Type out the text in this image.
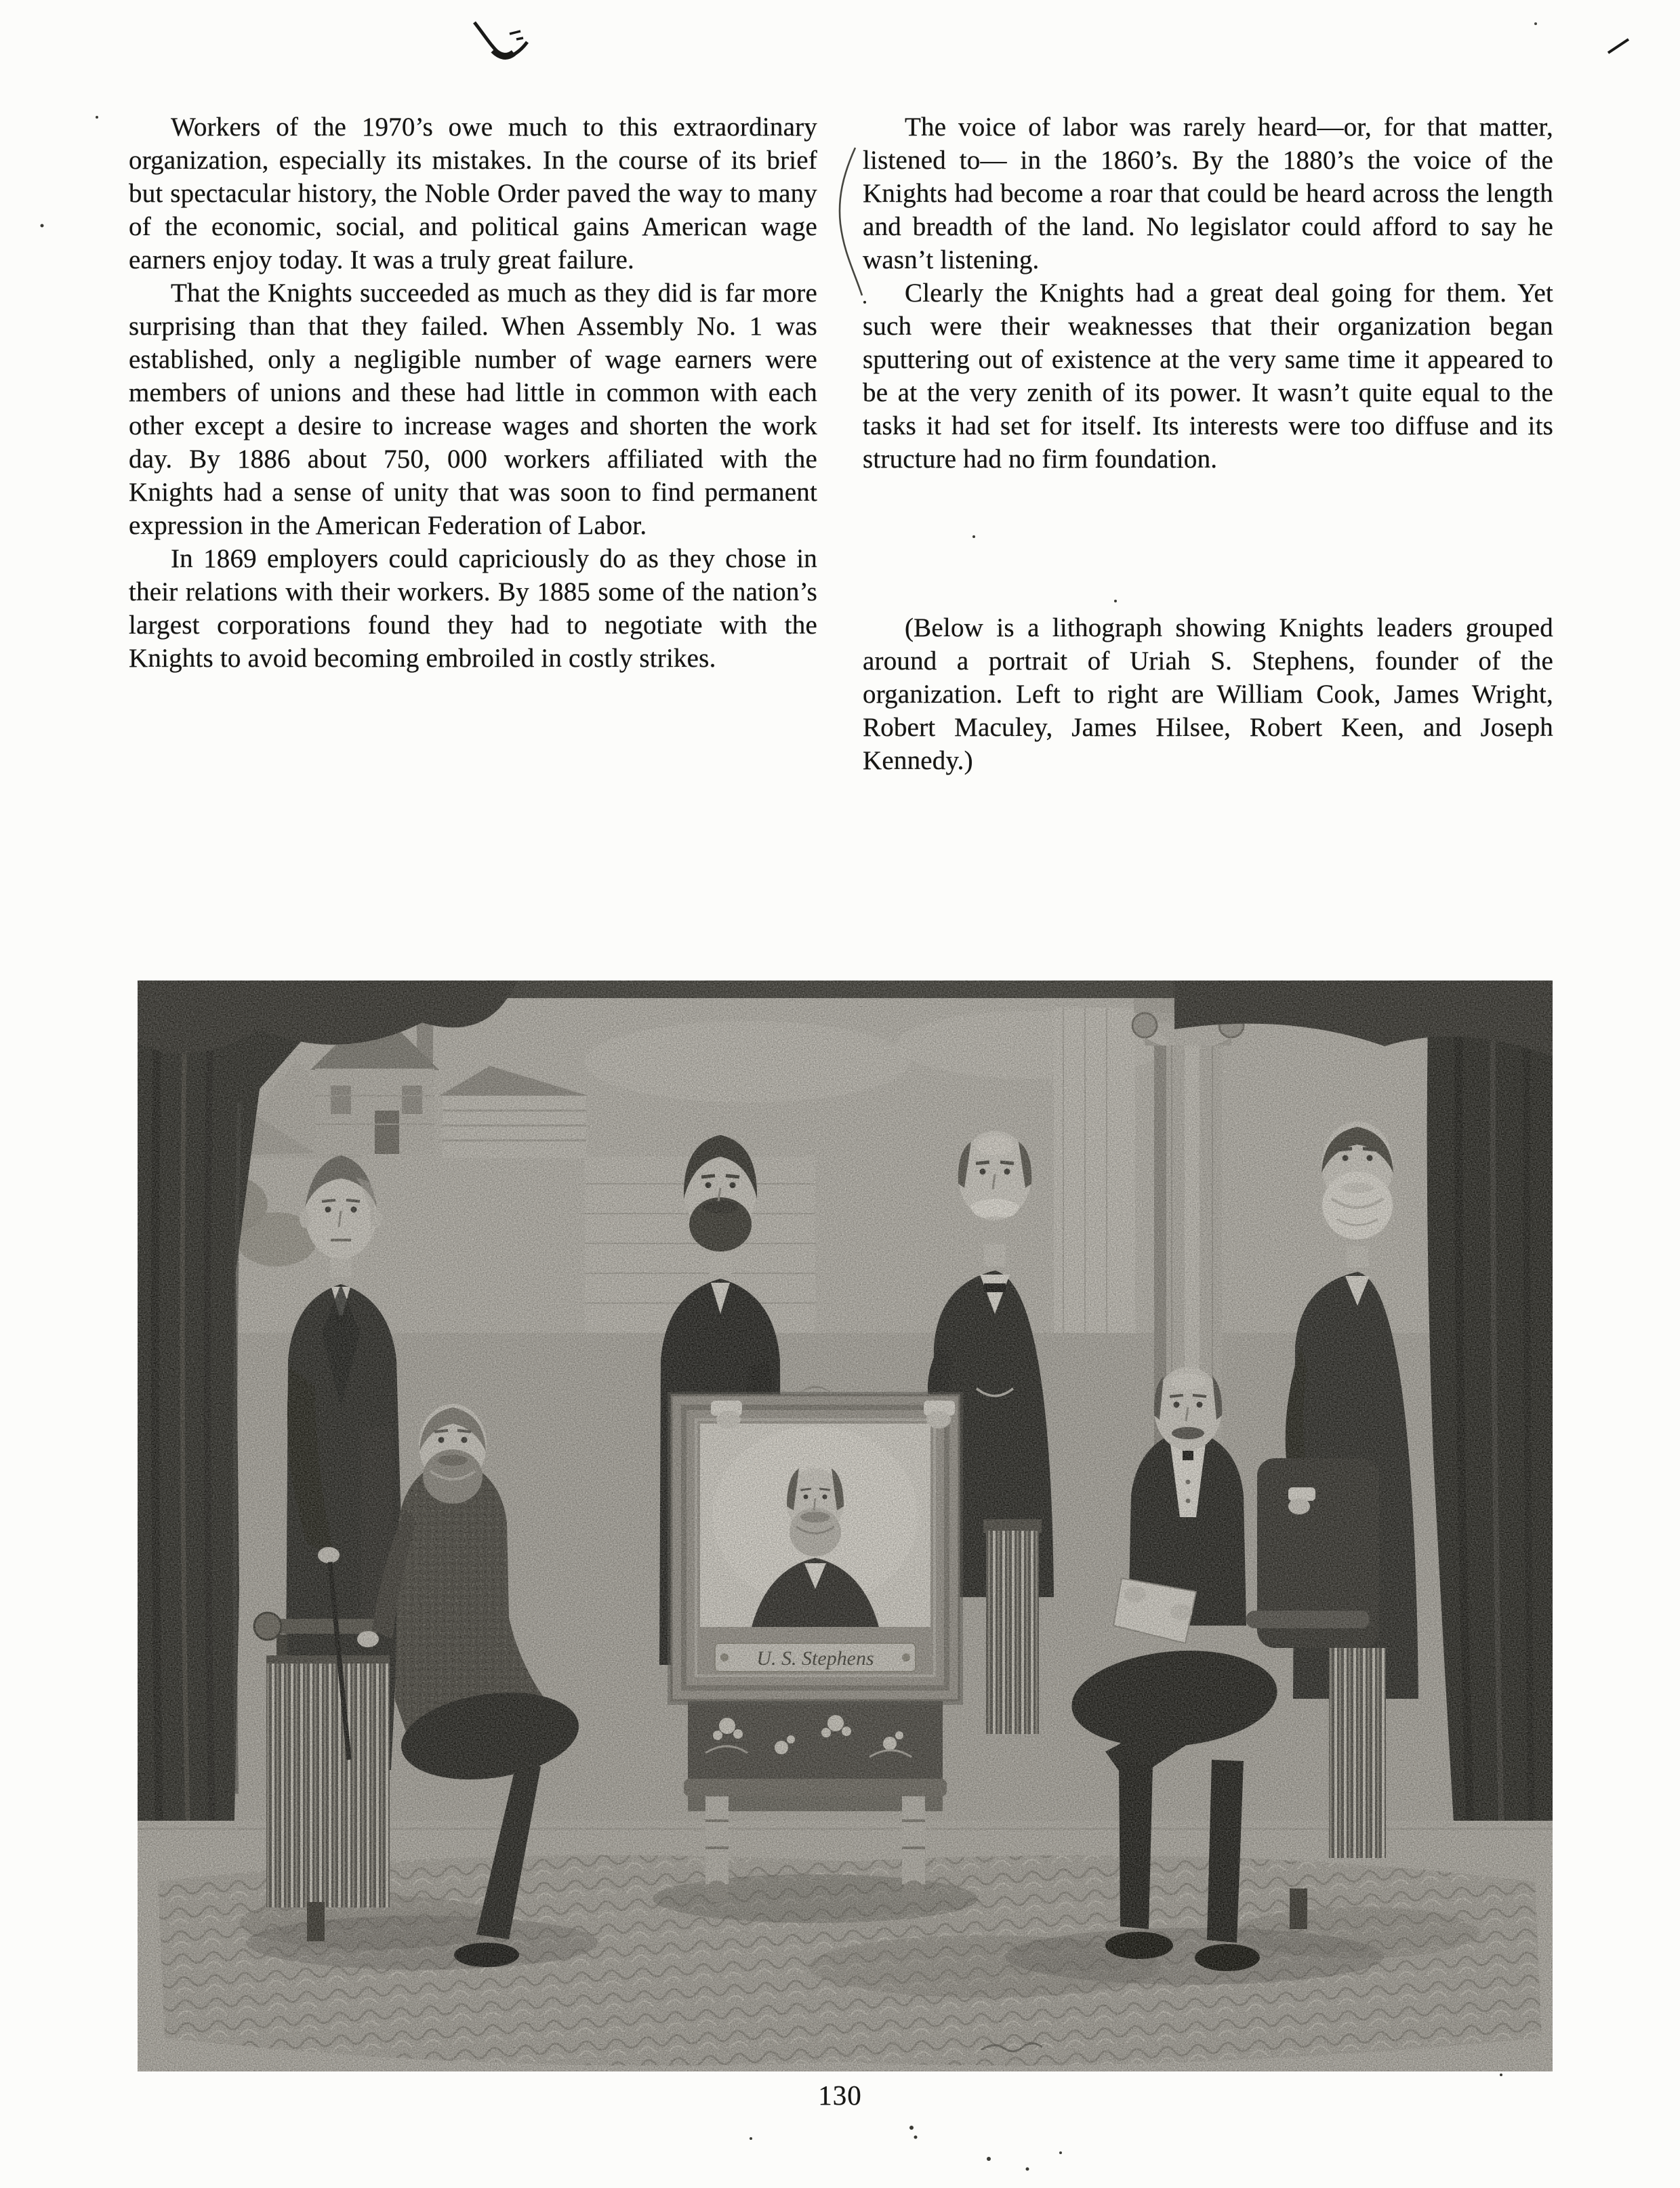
Workers of the 1970’s owe much to this extraordinary organization, especially its mistakes. In the course of its brief but spectacular history, the Noble Order paved the way to many of the economic, social, and political gains American wage earners enjoy today. It was a truly great failure.

That the Knights succeeded as much as they did is far more surprising than that they failed. When Assembly No. 1 was established, only a negligible number of wage earners were members of unions and these had little in common with each other except a desire to increase wages and shorten the work day. By 1886 about 750, 000 workers affiliated with the Knights had a sense of unity that was soon to find permanent expression in the American Federation of Labor.

In 1869 employers could capriciously do as they chose in their relations with their workers. By 1885 some of the nation’s largest corporations found they had to negotiate with the Knights to avoid becoming embroiled in costly strikes.

The voice of labor was rarely heard—or, for that matter, listened to— in the 1860’s. By the 1880’s the voice of the Knights had become a roar that could be heard across the length and breadth of the land. No legislator could afford to say he wasn’t listening.

Clearly the Knights had a great deal going for them. Yet such were their weaknesses that their organization began sputtering out of existence at the very same time it appeared to be at the very zenith of its power. It wasn’t quite equal to the tasks it had set for itself. Its interests were too diffuse and its structure had no firm foundation.

(Below is a lithograph showing Knights leaders grouped around a portrait of Uriah S. Stephens, founder of the organization. Left to right are William Cook, James Wright, Robert Maculey, James Hilsee, Robert Keen, and Joseph Kennedy.)

U. S. Stephens
130
